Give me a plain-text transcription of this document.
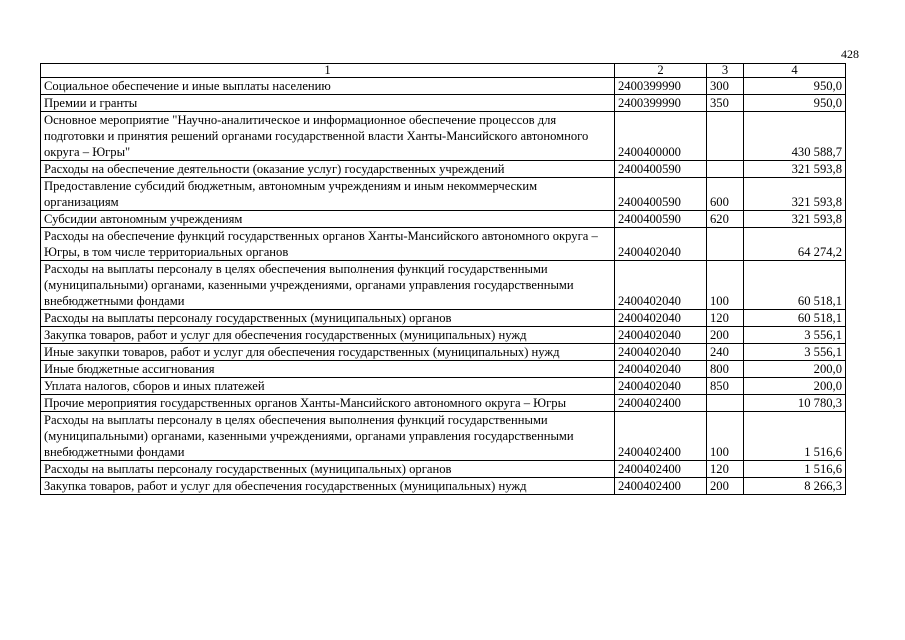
428
1	2	3	4
Социальное обеспечение и иные выплаты населению	2400399990	300	950,0
Премии и гранты	2400399990	350	950,0
Основное мероприятие "Научно-аналитическое и информационное обеспечение процессов для подготовки и принятия решений органами государственной власти Ханты-Мансийского автономного округа – Югры"	2400400000		430 588,7
Расходы на обеспечение деятельности (оказание услуг) государственных учреждений	2400400590		321 593,8
Предоставление субсидий бюджетным, автономным учреждениям и иным некоммерческим организациям	2400400590	600	321 593,8
Субсидии автономным учреждениям	2400400590	620	321 593,8
Расходы на обеспечение функций государственных органов Ханты-Мансийского автономного округа – Югры, в том числе территориальных органов	2400402040		64 274,2
Расходы на выплаты персоналу в целях обеспечения выполнения функций государственными (муниципальными) органами, казенными учреждениями, органами управления государственными внебюджетными фондами	2400402040	100	60 518,1
Расходы на выплаты персоналу государственных (муниципальных) органов	2400402040	120	60 518,1
Закупка товаров, работ и услуг для обеспечения государственных (муниципальных) нужд	2400402040	200	3 556,1
Иные закупки товаров, работ и услуг для обеспечения государственных (муниципальных) нужд	2400402040	240	3 556,1
Иные бюджетные ассигнования	2400402040	800	200,0
Уплата налогов, сборов и иных платежей	2400402040	850	200,0
Прочие мероприятия государственных органов Ханты-Мансийского автономного округа – Югры	2400402400		10 780,3
Расходы на выплаты персоналу в целях обеспечения выполнения функций государственными (муниципальными) органами, казенными учреждениями, органами управления государственными внебюджетными фондами	2400402400	100	1 516,6
Расходы на выплаты персоналу государственных (муниципальных) органов	2400402400	120	1 516,6
Закупка товаров, работ и услуг для обеспечения государственных (муниципальных) нужд	2400402400	200	8 266,3
